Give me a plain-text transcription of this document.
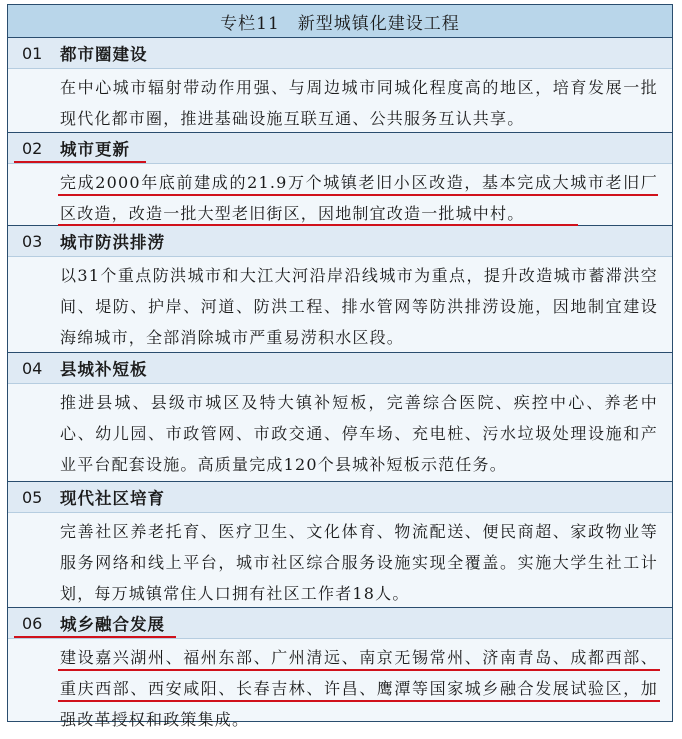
专栏11　新型城镇化建设工程
01	都市圈建设
在中心城市辐射带动作用强、与周边城市同城化程度高的地区，培育发展一批现代化都市圈，推进基础设施互联互通、公共服务互认共享。
02	城市更新
完成2000年底前建成的21.9万个城镇老旧小区改造，基本完成大城市老旧厂区改造，改造一批大型老旧街区，因地制宜改造一批城中村。
03	城市防洪排涝
以31个重点防洪城市和大江大河沿岸沿线城市为重点，提升改造城市蓄滞洪空间、堤防、护岸、河道、防洪工程、排水管网等防洪排涝设施，因地制宜建设海绵城市，全部消除城市严重易涝积水区段。
04	县城补短板
推进县城、县级市城区及特大镇补短板，完善综合医院、疾控中心、养老中心、幼儿园、市政管网、市政交通、停车场、充电桩、污水垃圾处理设施和产业平台配套设施。高质量完成120个县城补短板示范任务。
05	现代社区培育
完善社区养老托育、医疗卫生、文化体育、物流配送、便民商超、家政物业等服务网络和线上平台，城市社区综合服务设施实现全覆盖。实施大学生社工计划，每万城镇常住人口拥有社区工作者18人。
06	城乡融合发展
建设嘉兴湖州、福州东部、广州清远、南京无锡常州、济南青岛、成都西部、重庆西部、西安咸阳、长春吉林、许昌、鹰潭等国家城乡融合发展试验区，加强改革授权和政策集成。
